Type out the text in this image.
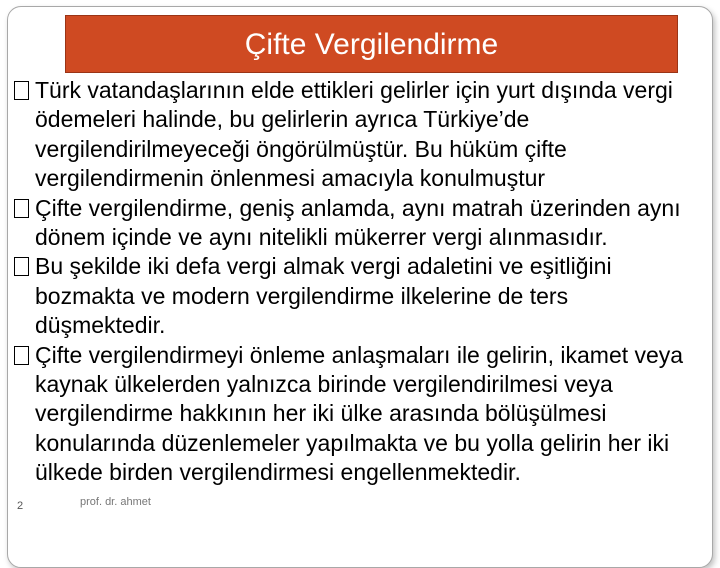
Çifte Vergilendirme

Türk vatandaşlarının elde ettikleri gelirler için yurt dışında vergi ödemeleri halinde, bu gelirlerin ayrıca Türkiye’de vergilendirilmeyeceği öngörülmüştür. Bu hüküm çifte vergilendirmenin önlenmesi amacıyla konulmuştur

Çifte vergilendirme, geniş anlamda, aynı matrah üzerinden aynı dönem içinde ve aynı nitelikli mükerrer vergi alınmasıdır.

Bu şekilde iki defa vergi almak vergi adaletini ve eşitliğini bozmakta ve modern vergilendirme ilkelerine de ters düşmektedir.

Çifte vergilendirmeyi önleme anlaşmaları ile gelirin, ikamet veya kaynak ülkelerden yalnızca birinde vergilendirilmesi veya vergilendirme hakkının her iki ülke arasında bölüşülmesi konularında düzenlemeler yapılmakta ve bu yolla gelirin her iki ülkede birden vergilendirmesi engellenmektedir.

2	prof. dr. ahmet
